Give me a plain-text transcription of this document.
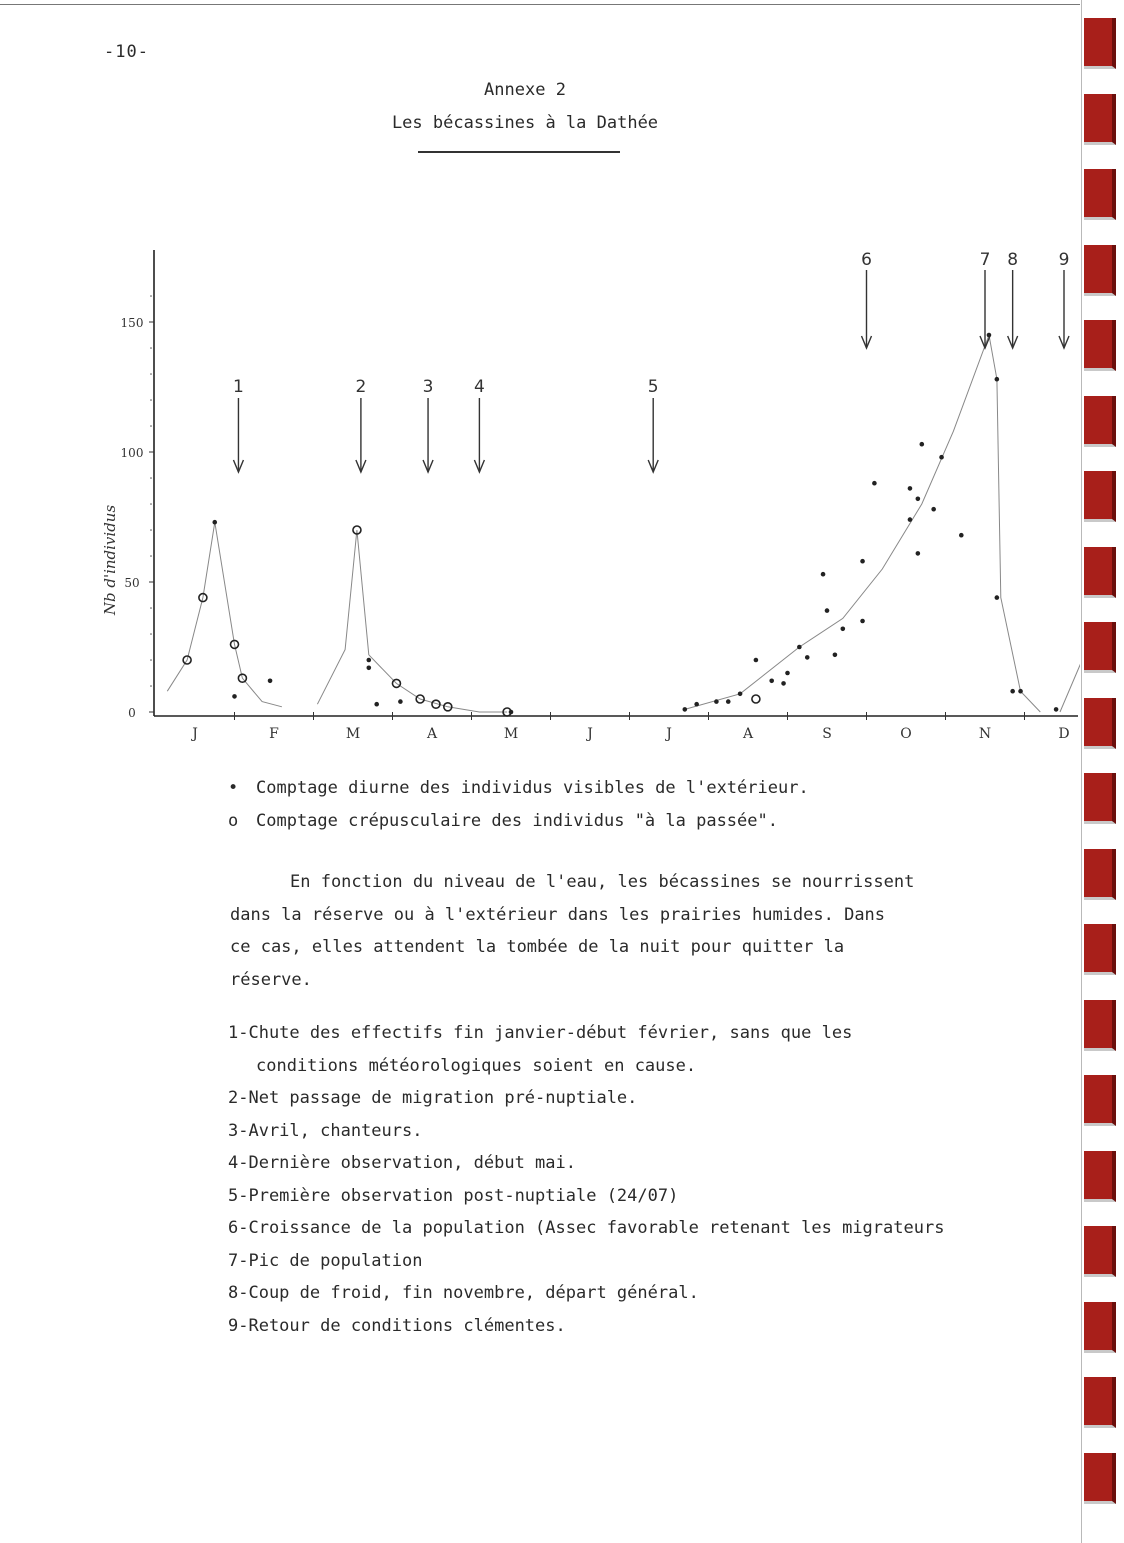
-10-
Annexe 2
Les bécassines à la Dathée
0
50
100
150
Nb d'individus
J	F	M	A	M	J	J	A	S	O	N	D
1	2	3 4	5
6	7 8 9
• Comptage diurne des individus visibles de l'extérieur.
o Comptage crépusculaire des individus "à la passée".
En fonction du niveau de l'eau, les bécassines se nourrissent
dans la réserve ou à l'extérieur dans les prairies humides. Dans
ce cas, elles attendent la tombée de la nuit pour quitter la
réserve.
1-Chute des effectifs fin janvier-début février, sans que les
conditions météorologiques soient en cause.
2-Net passage de migration pré-nuptiale.
3-Avril, chanteurs.
4-Dernière observation, début mai.
5-Première observation post-nuptiale (24/07)
6-Croissance de la population (Assec favorable retenant les migrateurs
7-Pic de population
8-Coup de froid, fin novembre, départ général.
9-Retour de conditions clémentes.
